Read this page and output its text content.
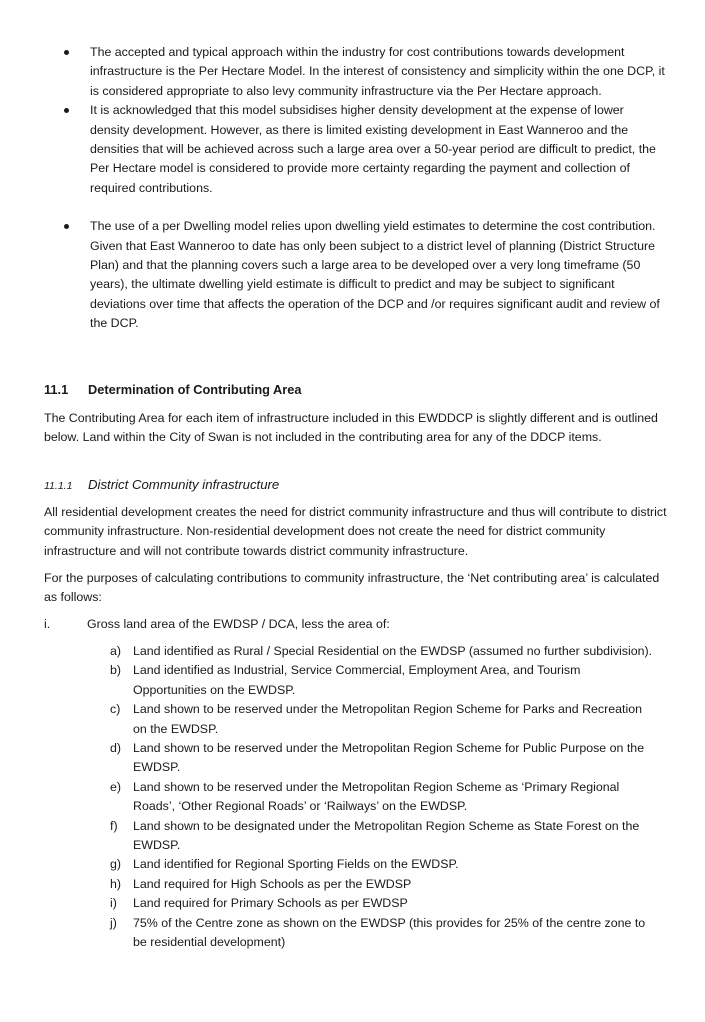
The accepted and typical approach within the industry for cost contributions towards development infrastructure is the Per Hectare Model. In the interest of consistency and simplicity within the one DCP, it is considered appropriate to also levy community infrastructure via the Per Hectare approach.
It is acknowledged that this model subsidises higher density development at the expense of lower density development. However, as there is limited existing development in East Wanneroo and the densities that will be achieved across such a large area over a 50-year period are difficult to predict, the Per Hectare model is considered to provide more certainty regarding the payment and collection of required contributions.
The use of a per Dwelling model relies upon dwelling yield estimates to determine the cost contribution. Given that East Wanneroo to date has only been subject to a district level of planning (District Structure Plan) and that the planning covers such a large area to be developed over a very long timeframe (50 years), the ultimate dwelling yield estimate is difficult to predict and may be subject to significant deviations over time that affects the operation of the DCP and /or requires significant audit and review of the DCP.
11.1 Determination of Contributing Area

The Contributing Area for each item of infrastructure included in this EWDDCP is slightly different and is outlined below. Land within the City of Swan is not included in the contributing area for any of the DDCP items.

11.1.1 District Community infrastructure

All residential development creates the need for district community infrastructure and thus will contribute to district community infrastructure. Non-residential development does not create the need for district community infrastructure and will not contribute towards district community infrastructure.

For the purposes of calculating contributions to community infrastructure, the ‘Net contributing area’ is calculated as follows:

i.	Gross land area of the EWDSP / DCA, less the area of:
a) Land identified as Rural / Special Residential on the EWDSP (assumed no further subdivision).
b) Land identified as Industrial, Service Commercial, Employment Area, and Tourism Opportunities on the EWDSP.
c) Land shown to be reserved under the Metropolitan Region Scheme for Parks and Recreation on the EWDSP.
d) Land shown to be reserved under the Metropolitan Region Scheme for Public Purpose on the EWDSP.
e) Land shown to be reserved under the Metropolitan Region Scheme as ‘Primary Regional Roads’, ‘Other Regional Roads’ or ‘Railways’ on the EWDSP.
f) Land shown to be designated under the Metropolitan Region Scheme as State Forest on the EWDSP.
g) Land identified for Regional Sporting Fields on the EWDSP.
h) Land required for High Schools as per the EWDSP
i) Land required for Primary Schools as per EWDSP
j) 75% of the Centre zone as shown on the EWDSP (this provides for 25% of the centre zone to be residential development)
